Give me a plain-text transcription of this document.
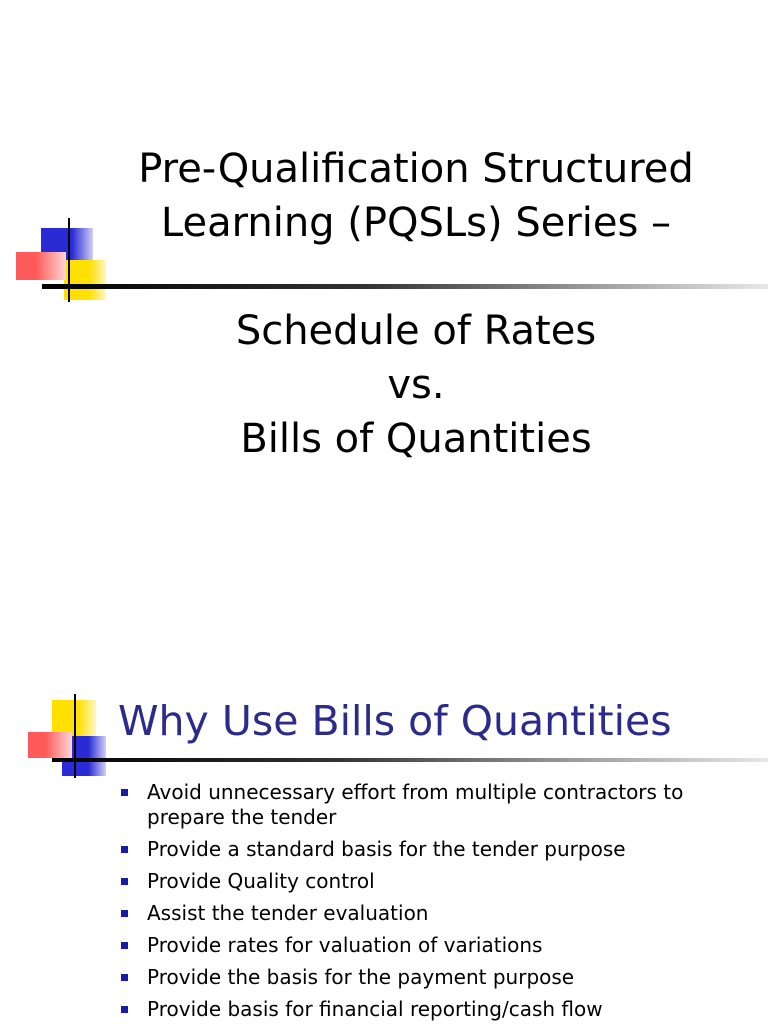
Pre-Qualification Structured
Learning (PQSLs) Series –
Schedule of Rates
vs.
Bills of Quantities
Why Use Bills of Quantities
Avoid unnecessary effort from multiple contractors to prepare the tender
Provide a standard basis for the tender purpose
Provide Quality control
Assist the tender evaluation
Provide rates for valuation of variations
Provide the basis for the payment purpose
Provide basis for financial reporting/cash flow
